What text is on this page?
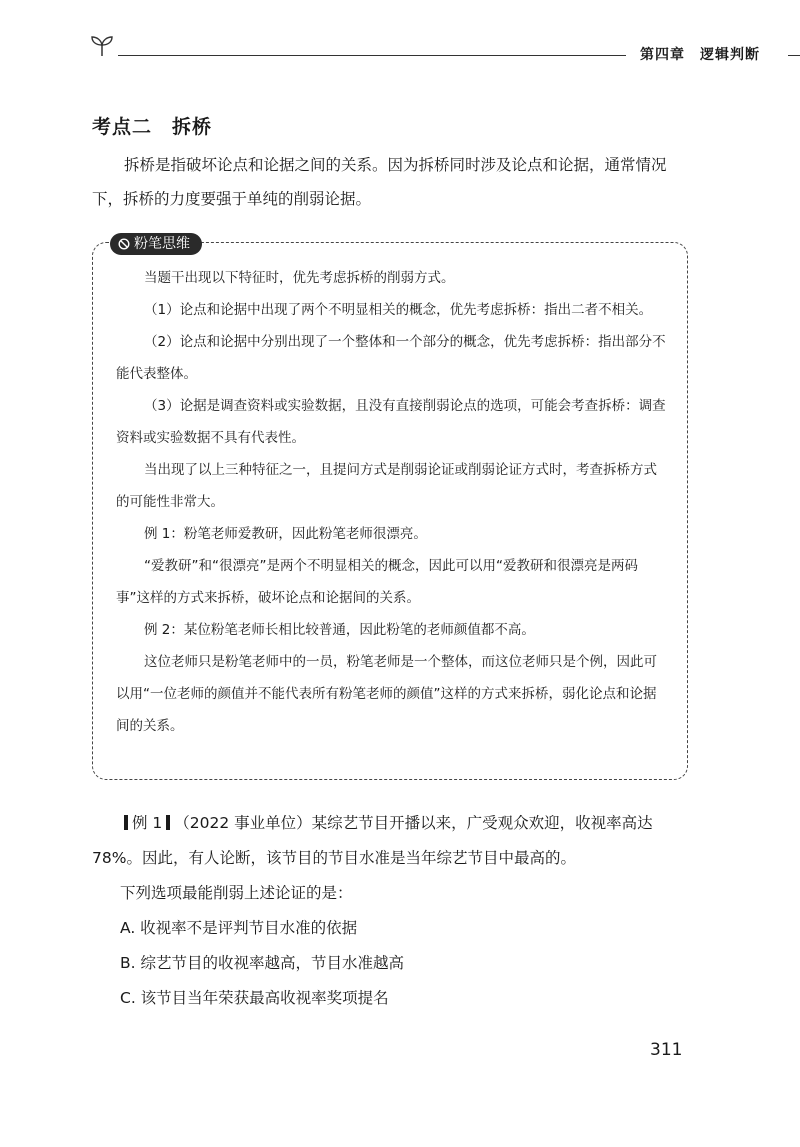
第四章　逻辑判断
考点二　拆桥

拆桥是指破坏论点和论据之间的关系。因为拆桥同时涉及论点和论据，通常情况下，拆桥的力度要强于单纯的削弱论据。

粉笔思维

当题干出现以下特征时，优先考虑拆桥的削弱方式。

（1）论点和论据中出现了两个不明显相关的概念，优先考虑拆桥：指出二者不相关。

（2）论点和论据中分别出现了一个整体和一个部分的概念，优先考虑拆桥：指出部分不能代表整体。

（3）论据是调查资料或实验数据，且没有直接削弱论点的选项，可能会考查拆桥：调查资料或实验数据不具有代表性。

当出现了以上三种特征之一，且提问方式是削弱论证或削弱论证方式时，考查拆桥方式的可能性非常大。

例 1：粉笔老师爱教研，因此粉笔老师很漂亮。

“爱教研”和“很漂亮”是两个不明显相关的概念，因此可以用“爱教研和很漂亮是两码事”这样的方式来拆桥，破坏论点和论据间的关系。

例 2：某位粉笔老师长相比较普通，因此粉笔的老师颜值都不高。

这位老师只是粉笔老师中的一员，粉笔老师是一个整体，而这位老师只是个例，因此可以用“一位老师的颜值并不能代表所有粉笔老师的颜值”这样的方式来拆桥，弱化论点和论据间的关系。

例 1 （2022 事业单位）某综艺节目开播以来，广受观众欢迎，收视率高达 78%。因此，有人论断，该节目的节目水准是当年综艺节目中最高的。

下列选项最能削弱上述论证的是：

A. 收视率不是评判节目水准的依据

B. 综艺节目的收视率越高，节目水准越高

C. 该节目当年荣获最高收视率奖项提名

311
